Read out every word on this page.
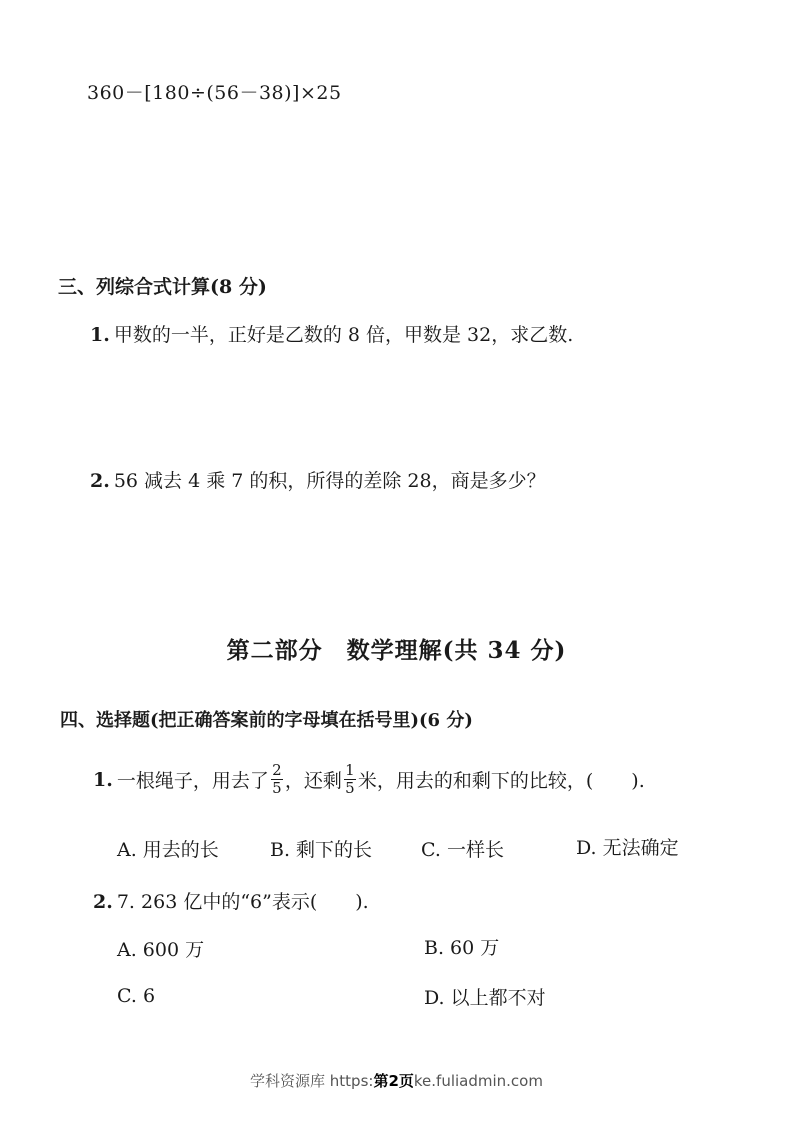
360－[180÷(56－38)]×25
三、列综合式计算(8 分)
1. 甲数的一半，正好是乙数的 8 倍，甲数是 32，求乙数.
2. 56 减去 4 乘 7 的积，所得的差除 28，商是多少？
第二部分　数学理解(共 34 分)
四、选择题(把正确答案前的字母填在括号里)(6 分)
1. 一根绳子，用去了 $\frac{2}{5}$ ，还剩 $\frac{1}{5}$ 米，用去的和剩下的比较，(　　).
A. 用去的长	B. 剩下的长	C. 一样长	D. 无法确定
2. 7. 263 亿中的“6”表示(　　).
A. 600 万	B. 60 万
C. 6	D. 以上都不对
学科资源库 https:第2页ke.fuliadmin.com
